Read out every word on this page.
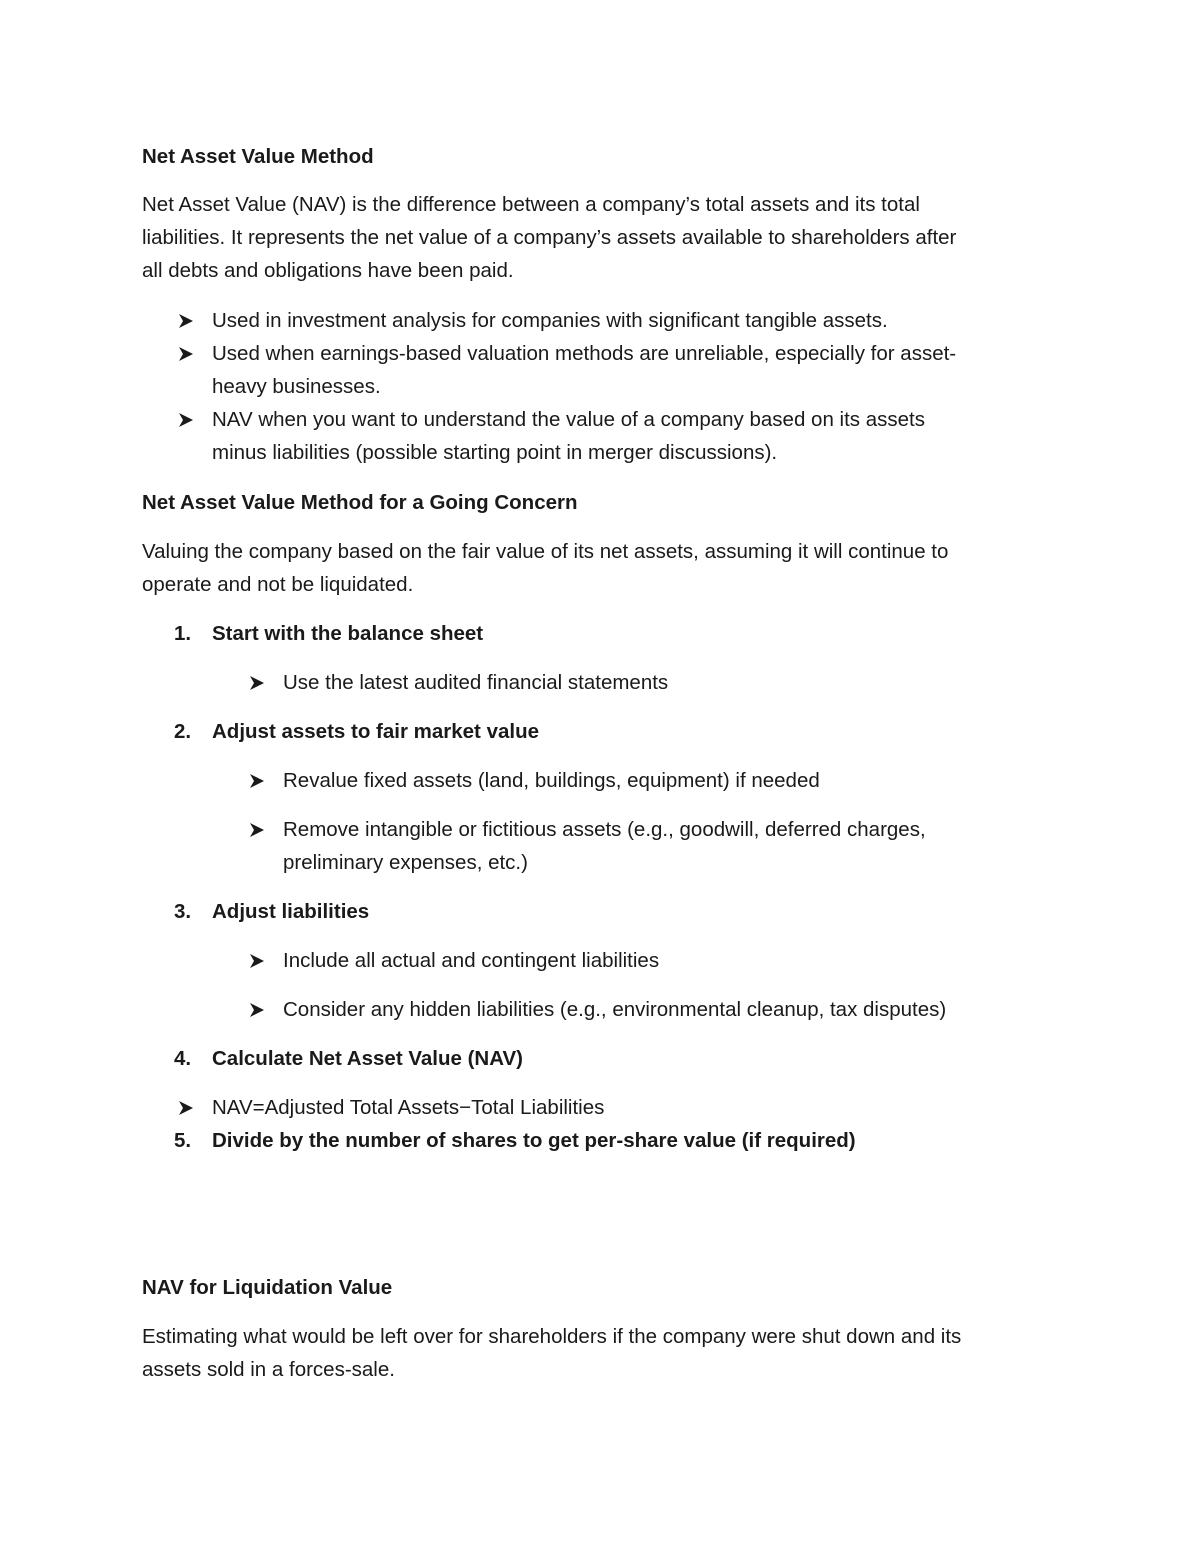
Net Asset Value Method
Net Asset Value (NAV) is the difference between a company’s total assets and its total
liabilities. It represents the net value of a company’s assets available to shareholders after
all debts and obligations have been paid.
Used in investment analysis for companies with significant tangible assets.
Used when earnings-based valuation methods are unreliable, especially for asset-
heavy businesses.
NAV when you want to understand the value of a company based on its assets
minus liabilities (possible starting point in merger discussions).
Net Asset Value Method for a Going Concern
Valuing the company based on the fair value of its net assets, assuming it will continue to
operate and not be liquidated.
1. Start with the balance sheet
Use the latest audited financial statements
2. Adjust assets to fair market value
Revalue fixed assets (land, buildings, equipment) if needed
Remove intangible or fictitious assets (e.g., goodwill, deferred charges,
preliminary expenses, etc.)
3. Adjust liabilities
Include all actual and contingent liabilities
Consider any hidden liabilities (e.g., environmental cleanup, tax disputes)
4. Calculate Net Asset Value (NAV)
NAV=Adjusted Total Assets−Total Liabilities
5. Divide by the number of shares to get per-share value (if required)
NAV for Liquidation Value
Estimating what would be left over for shareholders if the company were shut down and its
assets sold in a forces-sale.
